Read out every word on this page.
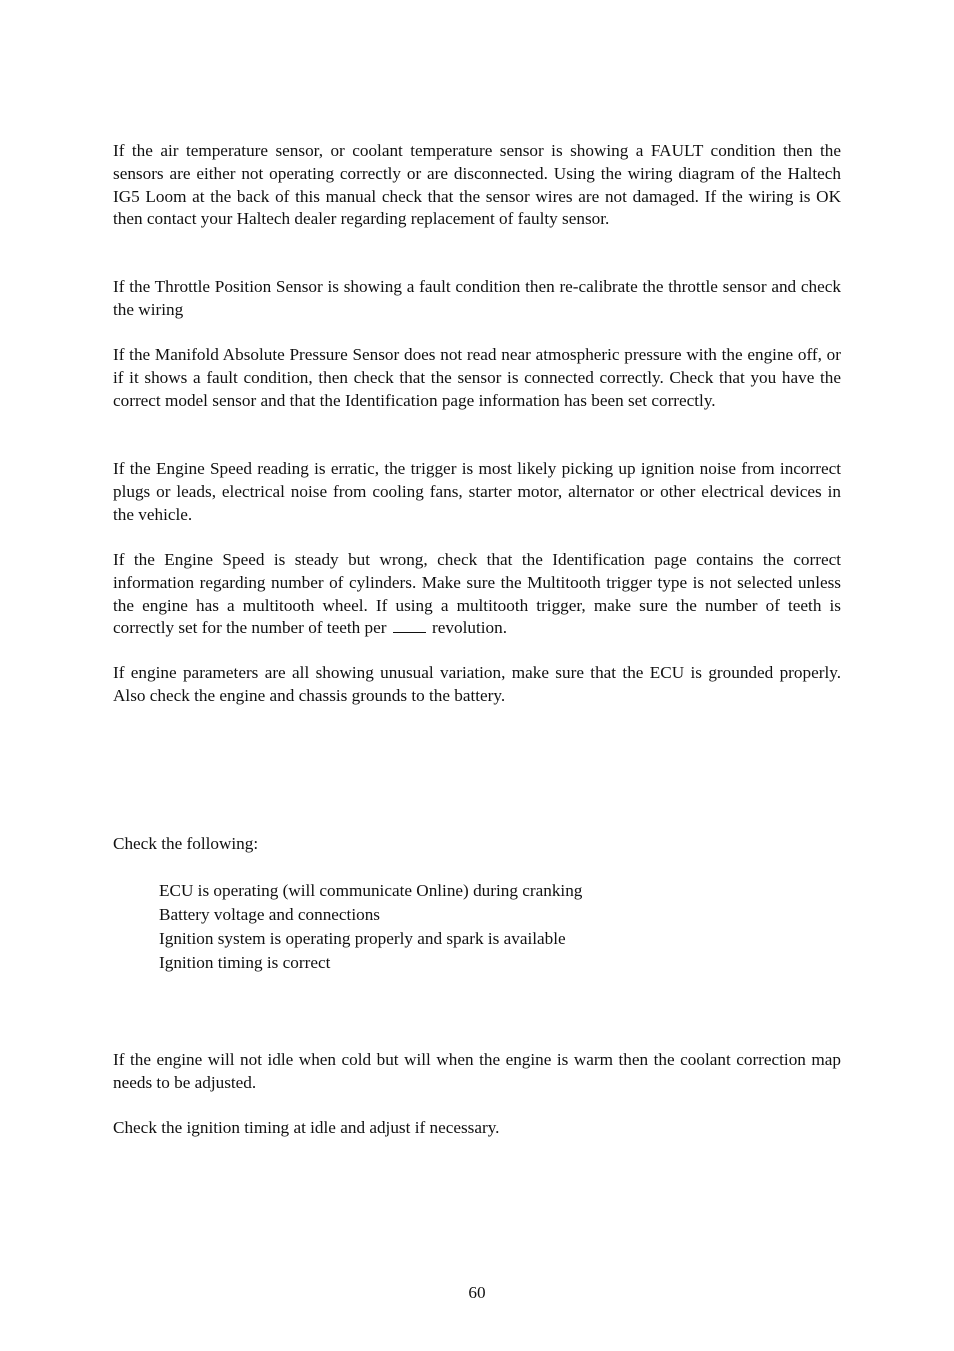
If the air temperature sensor, or coolant temperature sensor is showing a FAULT condition then the sensors are either not operating correctly or are disconnected. Using the wiring diagram of the Haltech IG5 Loom at the back of this manual check that the sensor wires are not damaged. If the wiring is OK then contact your Haltech dealer regarding replacement of faulty sensor.

If the Throttle Position Sensor is showing a fault condition then re-calibrate the throttle sensor and check the wiring

If the Manifold Absolute Pressure Sensor does not read near atmospheric pressure with the engine off, or if it shows a fault condition, then check that the sensor is connected correctly. Check that you have the correct model sensor and that the Identification page information has been set correctly.

If the Engine Speed reading is erratic, the trigger is most likely picking up ignition noise from incorrect plugs or leads, electrical noise from cooling fans, starter motor, alternator or other electrical devices in the vehicle.

If the Engine Speed is steady but wrong, check that the Identification page contains the correct information regarding number of cylinders. Make sure the Multitooth trigger type is not selected unless the engine has a multitooth wheel. If using a multitooth trigger, make sure the number of teeth is correctly set for the number of teeth per	revolution.

If engine parameters are all showing unusual variation, make sure that the ECU is grounded properly. Also check the engine and chassis grounds to the battery.

Check the following:

ECU is operating (will communicate Online) during cranking
Battery voltage and connections
Ignition system is operating properly and spark is available
Ignition timing is correct

If the engine will not idle when cold but will when the engine is warm then the coolant correction map needs to be adjusted.

Check the ignition timing at idle and adjust if necessary.

60
